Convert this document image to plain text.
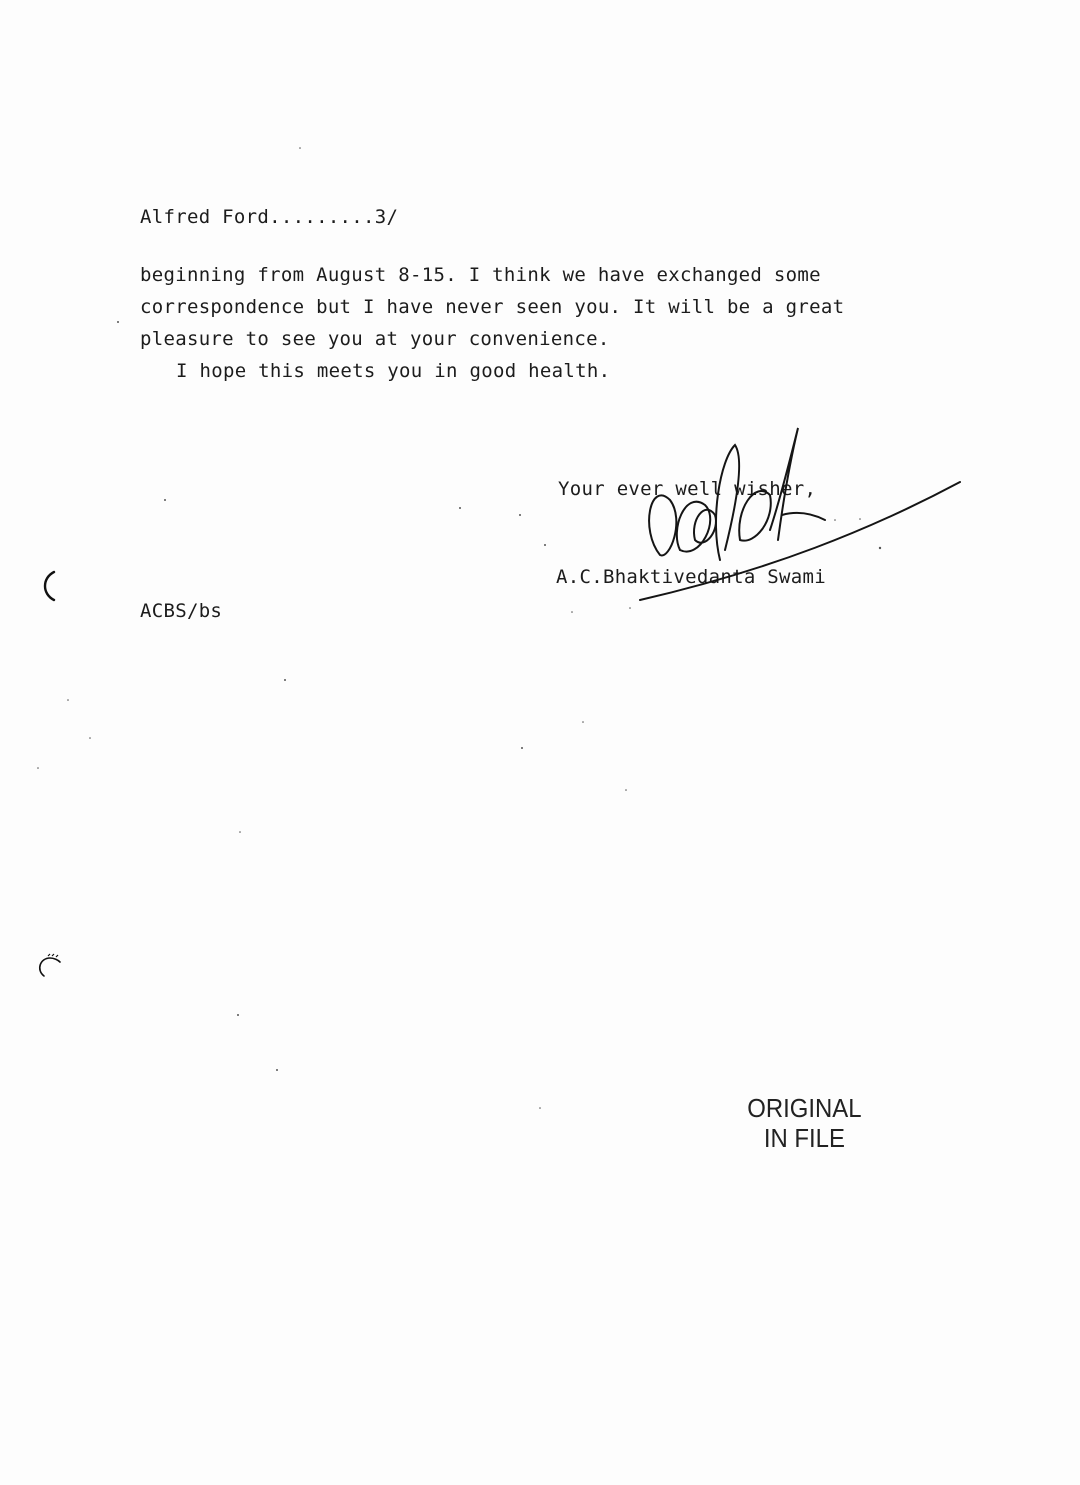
Alfred Ford.........3/
beginning from August 8-15. I think we have exchanged some
correspondence but I have never seen you. It will be a great
pleasure to see you at your convenience.
I hope this meets you in good health.
Your ever well wisher,
A.C.Bhaktivedanta Swami
ACBS/bs
ORIGINAL
IN FILE
